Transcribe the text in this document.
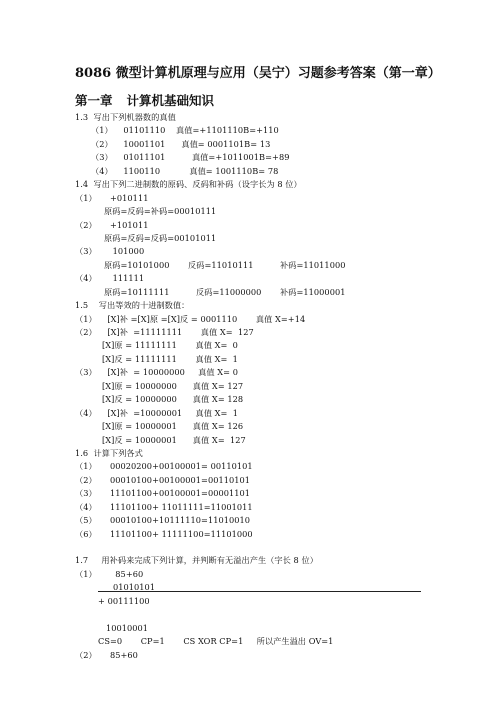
8086 微型计算机原理与应用（吴宁）习题参考答案（第一章）
第一章 计算机基础知识
1.3  写出下列机器数的真值
（1）    01101110    真值=+1101110B=+110
（2）    10001101      真值= 0001101B= 13
（3）    01011101          真值=+1011001B=+89
（4）    1100110           真值= 1001110B= 78
1.4  写出下列二进制数的原码、反码和补码（设字长为 8 位）
（1）     +010111
原码=反码=补码=00010111
（2）     +101011
原码=反码=反码=00101011
（3）      101000
原码=10101000       反码=11010111          补码=11011000
（4）      111111
原码=10111111          反码=11000000       补码=11000001
1.5    写出等效的十进制数值：
（1）    [X]补 =[X]原 =[X]反 = 0001110       真值 X=+14
（2）    [X]补  =11111111       真值 X=  127
[X]原 = 11111111       真值 X=  0
[X]反 = 11111111       真值 X=  1
（3）    [X]补  = 10000000     真值 X= 0
[X]原 = 10000000      真值 X= 127
[X]反 = 10000000      真值 X= 128
（4）    [X]补  =10000001     真值 X=  1
[X]原 = 10000001      真值 X= 126
[X]反 = 10000001      真值 X=  127
1.6  计算下列各式
（1）     00020200+00100001= 00110101
（2）     00010100+00100001=00110101
（3）     11101100+00100001=00001101
（4）     11101100+ 11011111=11001011
（5）     00010100+10111110=11010010
（6）     11101100+ 11111100=11101000
1.7     用补码来完成下列计算，并判断有无溢出产生（字长 8 位）
（1）       85+60
01010101
+ 00111100
10010001
CS=0       CP=1       CS XOR CP=1     所以产生溢出 OV=1
（2）     85+60
